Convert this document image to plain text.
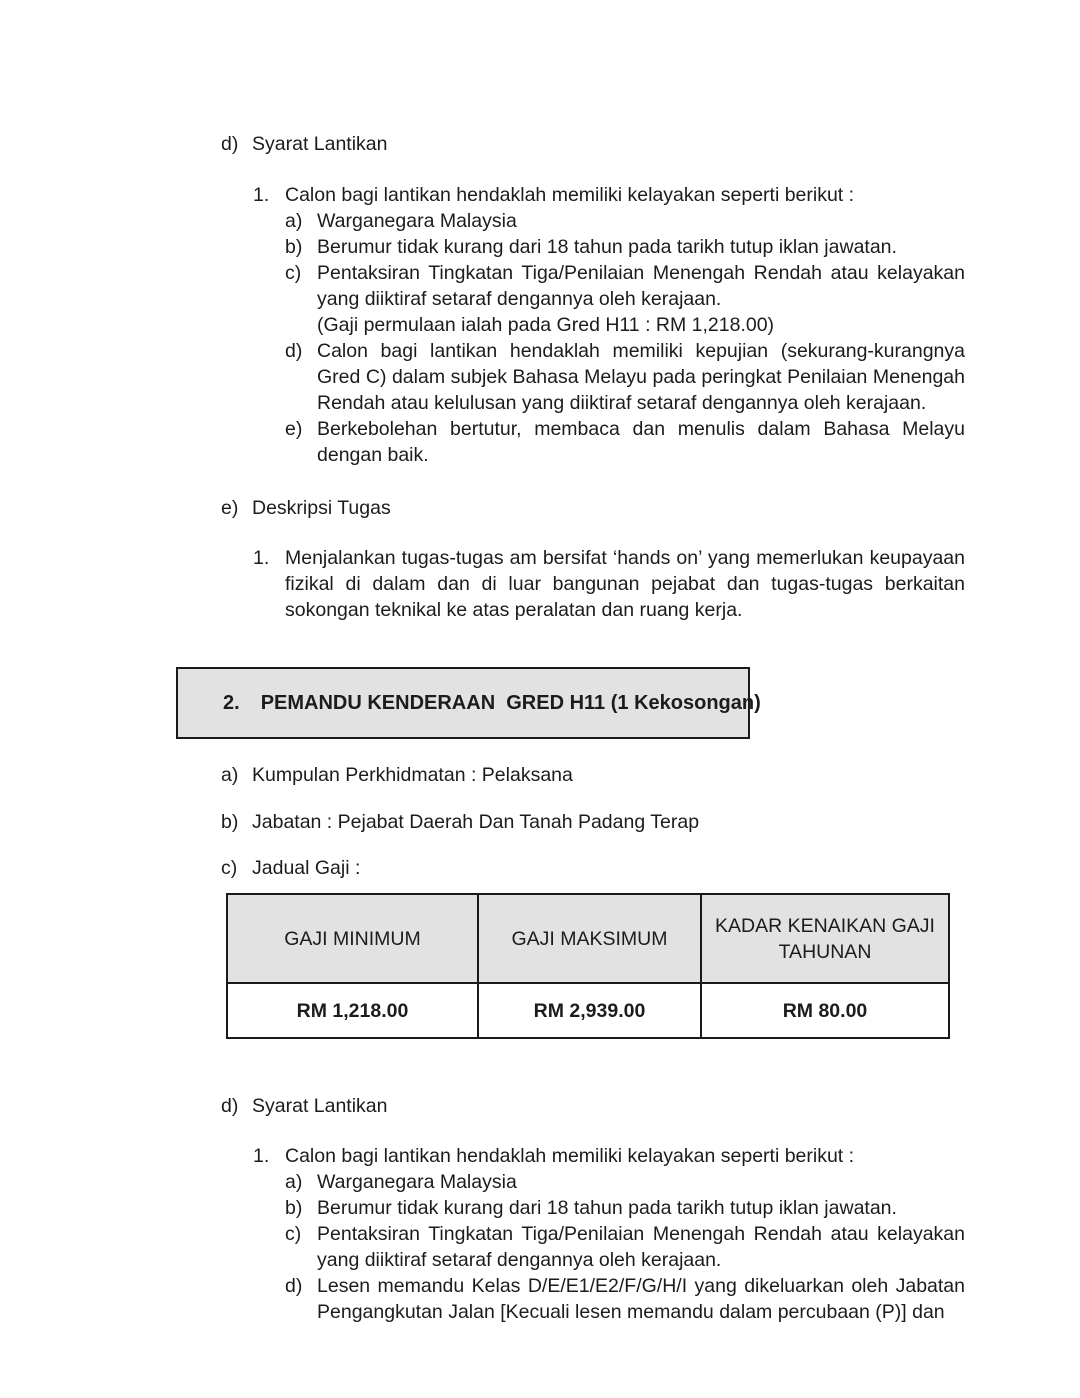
d) Syarat Lantikan
1. Calon bagi lantikan hendaklah memiliki kelayakan seperti berikut :
a) Warganegara Malaysia
b) Berumur tidak kurang dari 18 tahun pada tarikh tutup iklan jawatan.
c) Pentaksiran Tingkatan Tiga/Penilaian Menengah Rendah atau kelayakan yang diiktiraf setaraf dengannya oleh kerajaan.
(Gaji permulaan ialah pada Gred H11 : RM 1,218.00)
d) Calon bagi lantikan hendaklah memiliki kepujian (sekurang-kurangnya Gred C) dalam subjek Bahasa Melayu pada peringkat Penilaian Menengah Rendah atau kelulusan yang diiktiraf setaraf dengannya oleh kerajaan.
e) Berkebolehan bertutur, membaca dan menulis dalam Bahasa Melayu dengan baik.
e) Deskripsi Tugas
1. Menjalankan tugas-tugas am bersifat ‘hands on’ yang memerlukan keupayaan fizikal di dalam dan di luar bangunan pejabat dan tugas-tugas berkaitan sokongan teknikal ke atas peralatan dan ruang kerja.
2. PEMANDU KENDERAAN  GRED H11 (1 Kekosongan)
a) Kumpulan Perkhidmatan : Pelaksana
b) Jabatan : Pejabat Daerah Dan Tanah Padang Terap
c) Jadual Gaji :
GAJI MINIMUM	GAJI MAKSIMUM	KADAR KENAIKAN GAJI TAHUNAN
RM 1,218.00	RM 2,939.00	RM 80.00
d) Syarat Lantikan
1. Calon bagi lantikan hendaklah memiliki kelayakan seperti berikut :
a) Warganegara Malaysia
b) Berumur tidak kurang dari 18 tahun pada tarikh tutup iklan jawatan.
c) Pentaksiran Tingkatan Tiga/Penilaian Menengah Rendah atau kelayakan yang diiktiraf setaraf dengannya oleh kerajaan.
d) Lesen memandu Kelas D/E/E1/E2/F/G/H/I yang dikeluarkan oleh Jabatan Pengangkutan Jalan [Kecuali lesen memandu dalam percubaan (P)] dan
